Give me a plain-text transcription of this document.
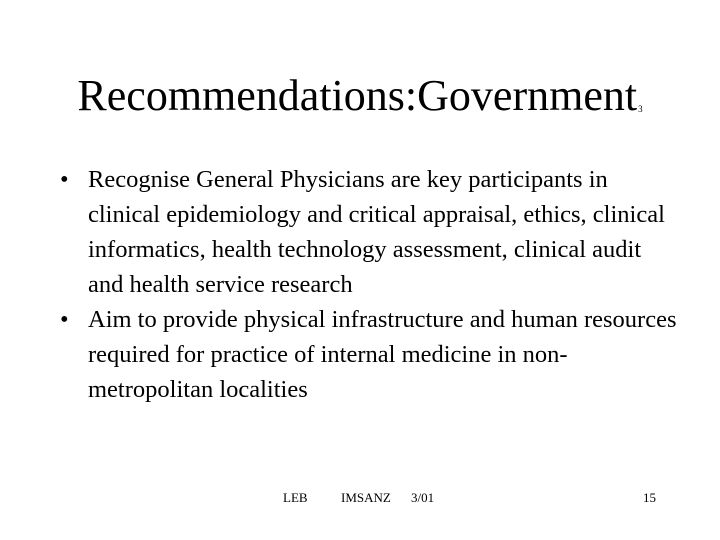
Recommendations:Government3
• Recognise General Physicians are key participants in clinical epidemiology and critical appraisal, ethics, clinical informatics, health technology assessment, clinical audit and health service research
• Aim to provide physical infrastructure and human resources required for practice of internal medicine in non-metropolitan localities
LEB	IMSANZ 3/01	15
